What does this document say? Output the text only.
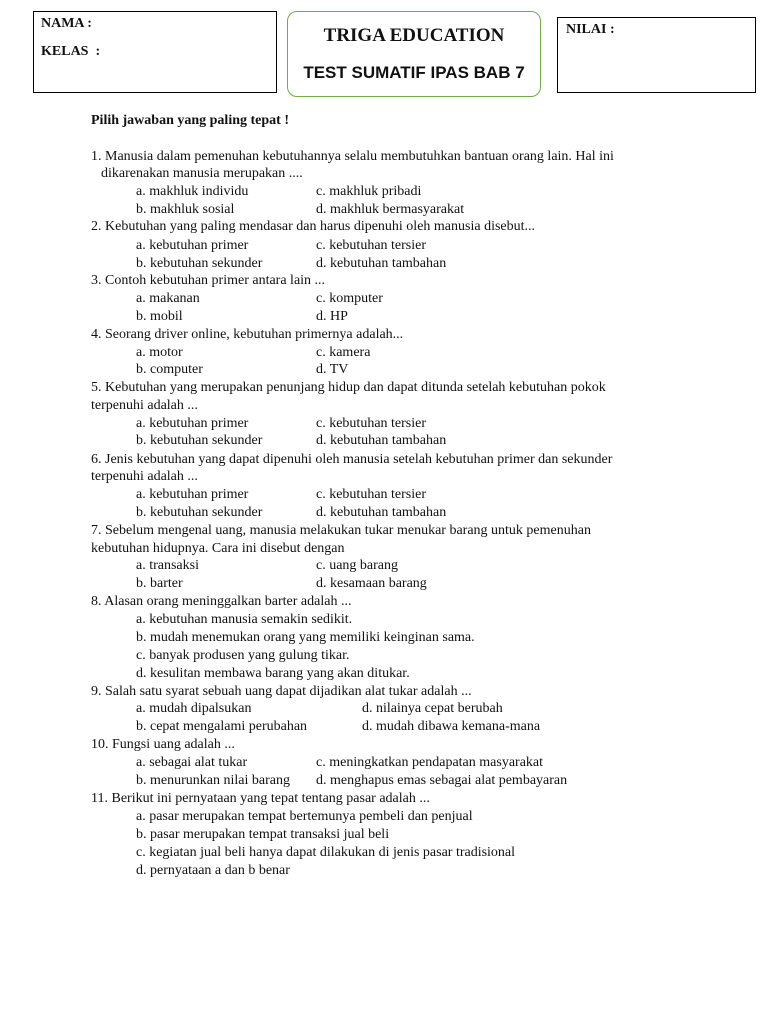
NAMA :
KELAS  :
TRIGA EDUCATION
TEST SUMATIF IPAS BAB 7
NILAI :
Pilih jawaban yang paling tepat !
1. Manusia dalam pemenuhan kebutuhannya selalu membutuhkan bantuan orang lain. Hal ini
dikarenakan manusia merupakan ....
a. makhluk individu	c. makhluk pribadi
b. makhluk sosial	d. makhluk bermasyarakat
2. Kebutuhan yang paling mendasar dan harus dipenuhi oleh manusia disebut...
a. kebutuhan primer	c. kebutuhan tersier
b. kebutuhan sekunder	d. kebutuhan tambahan
3. Contoh kebutuhan primer antara lain ...
a. makanan	c. komputer
b. mobil	d. HP
4. Seorang driver online, kebutuhan primernya adalah...
a. motor	c. kamera
b. computer	d. TV
5. Kebutuhan yang merupakan penunjang hidup dan dapat ditunda setelah kebutuhan pokok
terpenuhi adalah ...
a. kebutuhan primer	c. kebutuhan tersier
b. kebutuhan sekunder	d. kebutuhan tambahan
6. Jenis kebutuhan yang dapat dipenuhi oleh manusia setelah kebutuhan primer dan sekunder
terpenuhi adalah ...
a. kebutuhan primer	c. kebutuhan tersier
b. kebutuhan sekunder	d. kebutuhan tambahan
7. Sebelum mengenal uang, manusia melakukan tukar menukar barang untuk pemenuhan
kebutuhan hidupnya. Cara ini disebut dengan
a. transaksi	c. uang barang
b. barter	d. kesamaan barang
8. Alasan orang meninggalkan barter adalah ...
a. kebutuhan manusia semakin sedikit.
b. mudah menemukan orang yang memiliki keinginan sama.
c. banyak produsen yang gulung tikar.
d. kesulitan membawa barang yang akan ditukar.
9. Salah satu syarat sebuah uang dapat dijadikan alat tukar adalah ...
a. mudah dipalsukan	d. nilainya cepat berubah
b. cepat mengalami perubahan	d. mudah dibawa kemana-mana
10. Fungsi uang adalah ...
a. sebagai alat tukar	c. meningkatkan pendapatan masyarakat
b. menurunkan nilai barang d. menghapus emas sebagai alat pembayaran
11. Berikut ini pernyataan yang tepat tentang pasar adalah ...
a. pasar merupakan tempat bertemunya pembeli dan penjual
b. pasar merupakan tempat transaksi jual beli
c. kegiatan jual beli hanya dapat dilakukan di jenis pasar tradisional
d. pernyataan a dan b benar
